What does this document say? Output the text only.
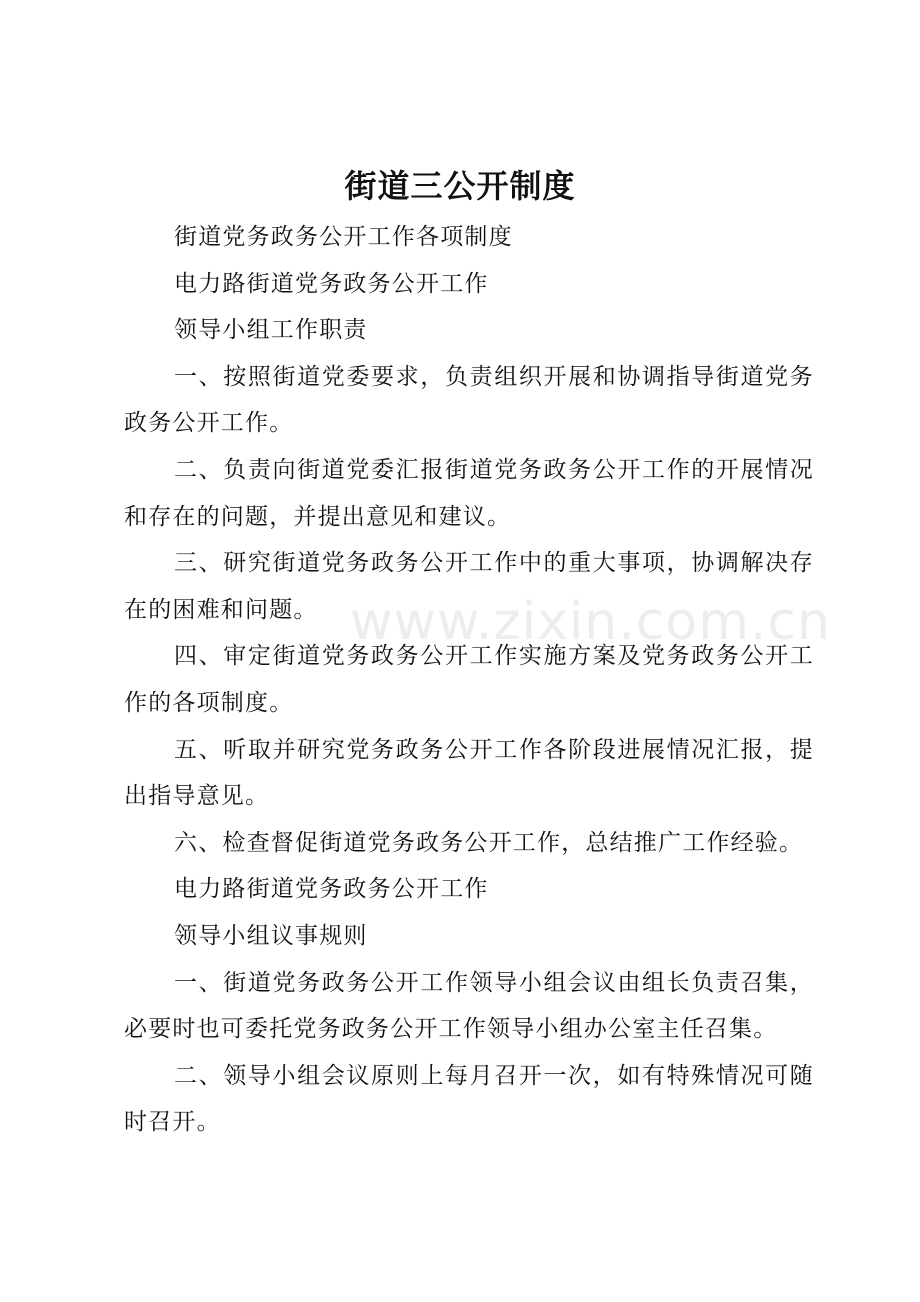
街道三公开制度

街道党务政务公开工作各项制度

电力路街道党务政务公开工作

领导小组工作职责

一、按照街道党委要求，负责组织开展和协调指导街道党务政务公开工作。

二、负责向街道党委汇报街道党务政务公开工作的开展情况和存在的问题，并提出意见和建议。

三、研究街道党务政务公开工作中的重大事项，协调解决存在的困难和问题。

四、审定街道党务政务公开工作实施方案及党务政务公开工作的各项制度。

五、听取并研究党务政务公开工作各阶段进展情况汇报，提出指导意见。

六、检查督促街道党务政务公开工作，总结推广工作经验。

电力路街道党务政务公开工作

领导小组议事规则

一、街道党务政务公开工作领导小组会议由组长负责召集，必要时也可委托党务政务公开工作领导小组办公室主任召集。

二、领导小组会议原则上每月召开一次，如有特殊情况可随时召开。

www.zixin.com.cn
